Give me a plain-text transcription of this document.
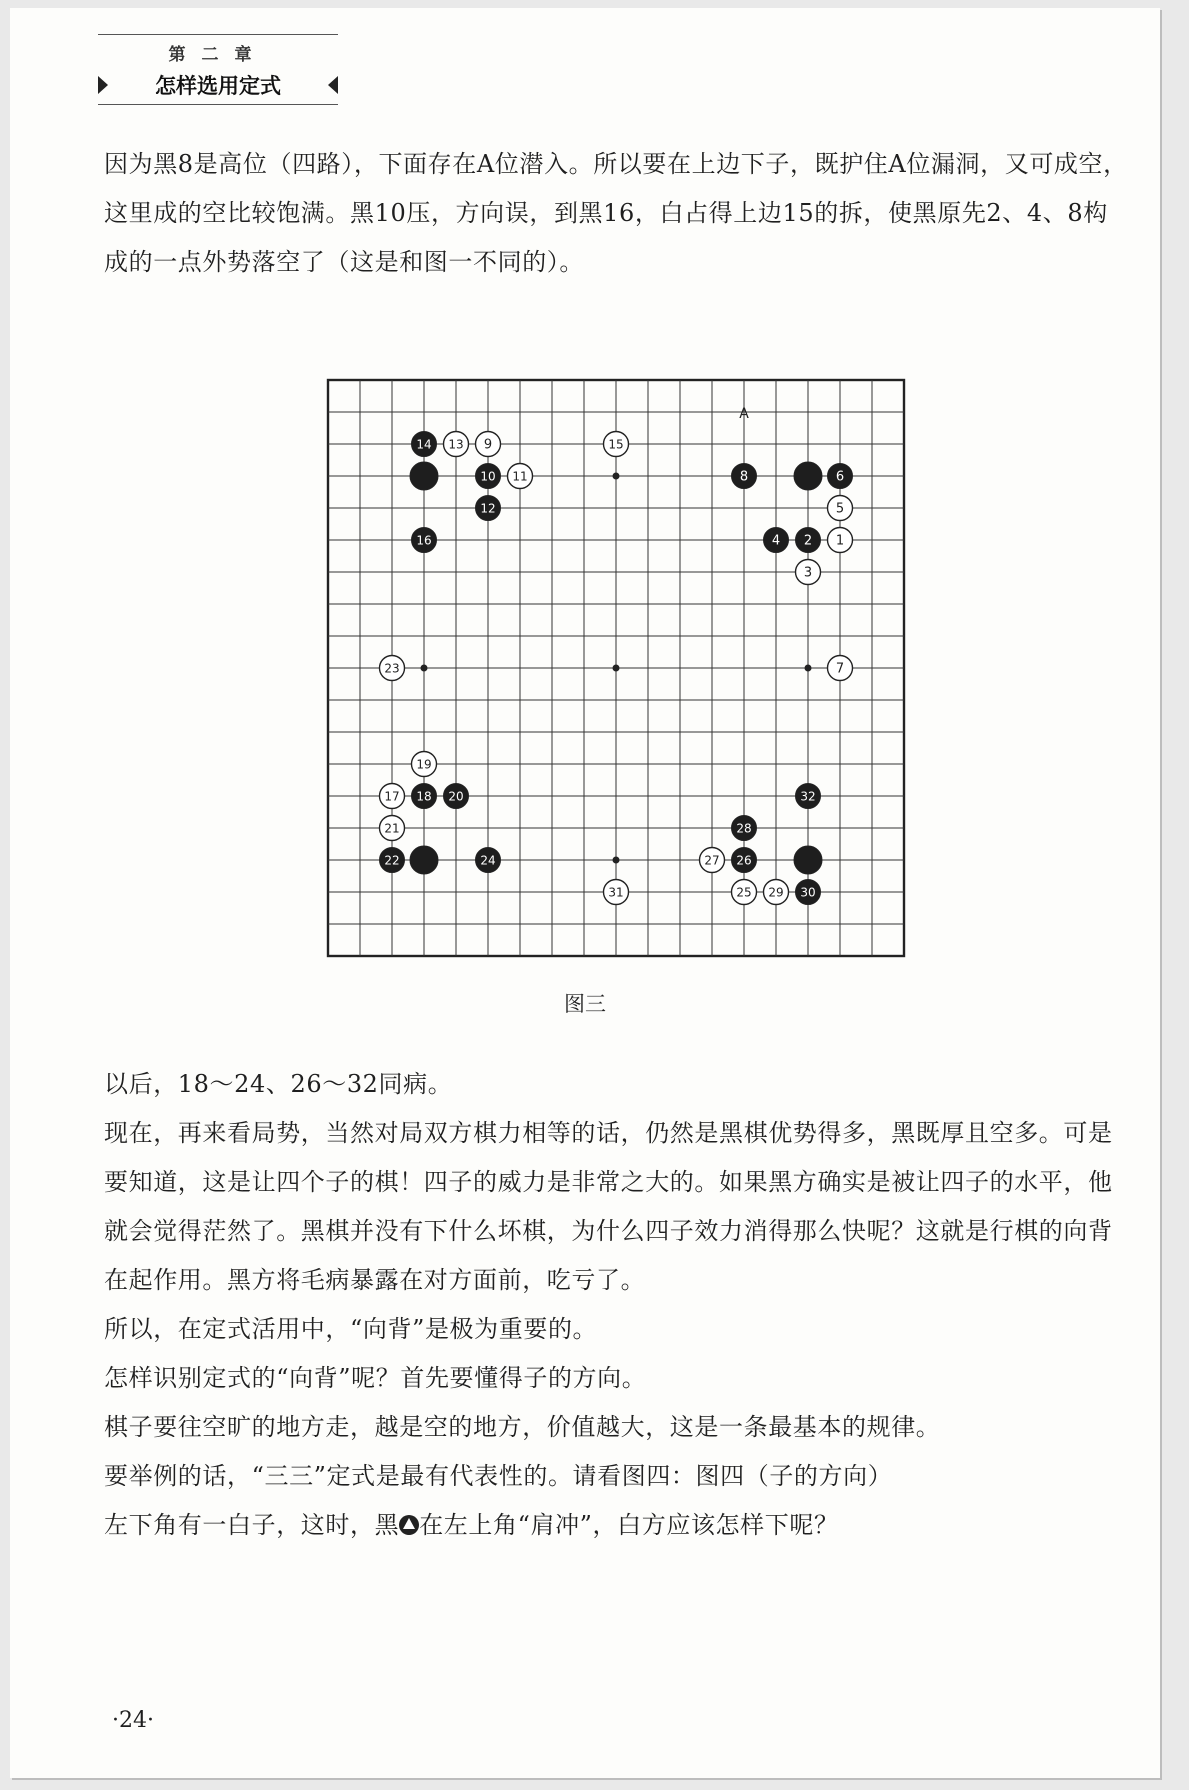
第二章
怎样选用定式

因为黑8是高位（四路），下面存在A位潜入。所以要在上边下子，既护住A位漏洞，又可成空，这里成的空比较饱满。黑10压，方向误，到黑16，白占得上边15的拆，使黑原先2、4、8构成的一点外势落空了（这是和图一不同的）。

A
1
2
3
4
5
6
7
8
9
10 11
12
13
14	15
16
17 18
19
20
21
22
23
24
25
26
27
28
29 30
31
32
图三
以后，18～24、26～32同病。
现在，再来看局势，当然对局双方棋力相等的话，仍然是黑棋优势得多，黑既厚且空多。可是要知道，这是让四个子的棋！四子的威力是非常之大的。如果黑方确实是被让四子的水平，他就会觉得茫然了。黑棋并没有下什么坏棋，为什么四子效力消得那么快呢？这就是行棋的向背在起作用。黑方将毛病暴露在对方面前，吃亏了。
所以，在定式活用中，“向背”是极为重要的。
怎样识别定式的“向背”呢？首先要懂得子的方向。
棋子要往空旷的地方走，越是空的地方，价值越大，这是一条最基本的规律。
要举例的话，“三三”定式是最有代表性的。请看图四：图四（子的方向）
左下角有一白子，这时，黑 在左上角“肩冲”，白方应该怎样下呢？
·24·
